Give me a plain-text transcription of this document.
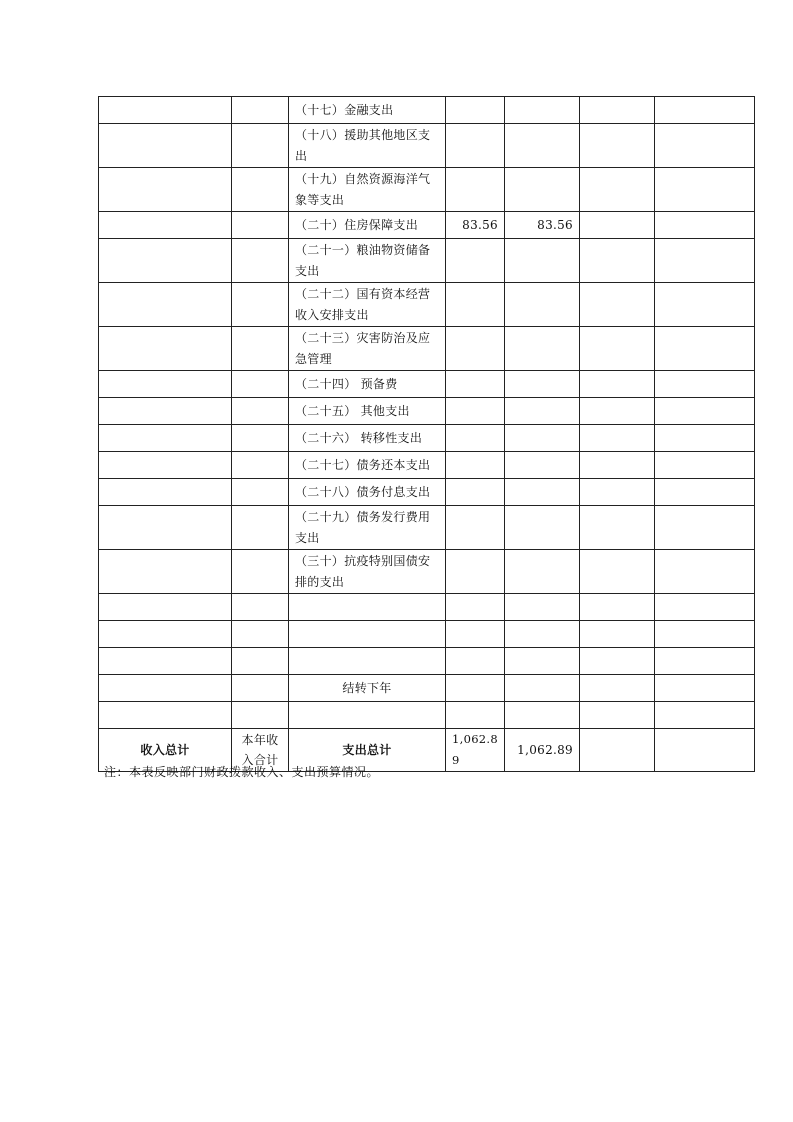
		（十七）金融支出				
		（十八）援助其他地区支出				
		（十九）自然资源海洋气象等支出				
		（二十）住房保障支出	83.56	83.56		
		（二十一）粮油物资储备支出				
		（二十二）国有资本经营收入安排支出				
		（二十三）灾害防治及应急管理				
		（二十四） 预备费				
		（二十五） 其他支出				
		（二十六） 转移性支出				
		（二十七）债务还本支出				
		（二十八）债务付息支出				
		（二十九）债务发行费用支出				
		（三十）抗疫特别国债安排的支出				

		结转下年				

收入总计	本年收入合计	支出总计	1,062.89	1,062.89		
注：本表反映部门财政拨款收入、支出预算情况。
